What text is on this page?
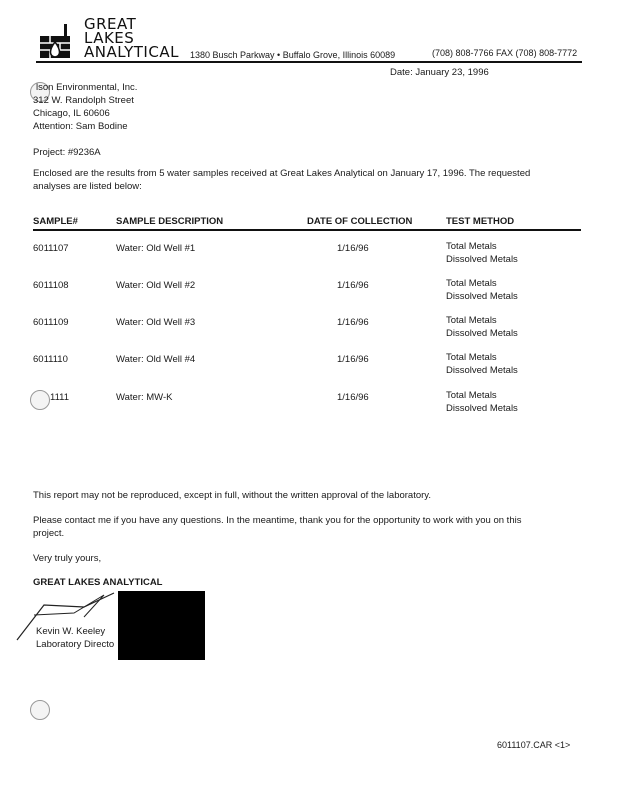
GREAT
LAKES
ANALYTICAL 1380 Busch Parkway • Buffalo Grove, Illinois 60089	(708) 808-7766 FAX (708) 808-7772
Date: January 23, 1996
lson Environmental, Inc.
312 W. Randolph Street
Chicago, IL 60606
Attention: Sam Bodine
Project: #9236A
Enclosed are the results from 5 water samples received at Great Lakes Analytical on January 17, 1996. The requested analyses are listed below:
SAMPLE#	SAMPLE DESCRIPTION	DATE OF COLLECTION	TEST METHOD
6011107	Water: Old Well #1	1/16/96	Total Metals
Dissolved Metals
6011108	Water: Old Well #2	1/16/96	Total Metals
Dissolved Metals
6011109	Water: Old Well #3	1/16/96	Total Metals
Dissolved Metals
6011110	Water: Old Well #4	1/16/96	Total Metals
Dissolved Metals
1111	Water: MW-K	1/16/96	Total Metals
Dissolved Metals
This report may not be reproduced, except in full, without the written approval of the laboratory.
Please contact me if you have any questions. In the meantime, thank you for the opportunity to work with you on this project.
Very truly yours,
GREAT LAKES ANALYTICAL
Kevin W. Keeley
Laboratory Directo
6011107.CAR <1>
